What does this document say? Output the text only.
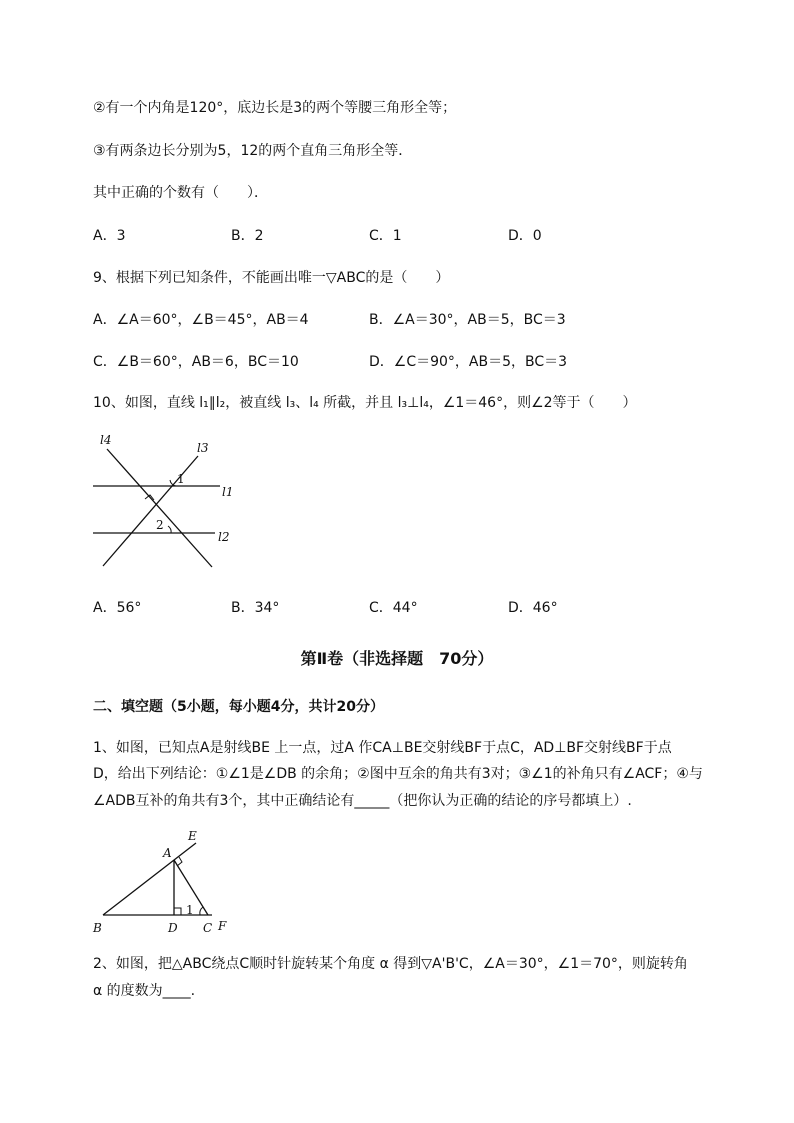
②有一个内角是120°，底边长是3的两个等腰三角形全等；
③有两条边长分别为5，12的两个直角三角形全等．
其中正确的个数有（　　）．
A．3	B．2	C．1	D．0
9、根据下列已知条件，不能画出唯一▽ABC的是（　　）
A．∠A＝60°，∠B＝45°，AB＝4	B．∠A＝30°，AB＝5，BC＝3
C．∠B＝60°，AB＝6，BC＝10	D．∠C＝90°，AB＝5，BC＝3
10、如图，直线 l₁∥l₂，被直线 l₃、l₄ 所截，并且 l₃⊥l₄，∠1＝46°，则∠2等于（　　）
l4
l3
l1
l2
1
2
E
A
B	D C F
1
A．56°	B．34°	C．44°	D．46°
第Ⅱ卷（非选择题　70分）
二、填空题（5小题，每小题4分，共计20分）
1、如图，已知点A是射线BE 上一点，过A 作CA⊥BE交射线BF于点C，AD⊥BF交射线BF于点
D，给出下列结论：①∠1是∠DB 的余角；②图中互余的角共有3对；③∠1的补角只有∠ACF；④与
∠ADB互补的角共有3个，其中正确结论有_____（把你认为正确的结论的序号都填上）.
2、如图，把△ABC绕点C顺时针旋转某个角度 α 得到▽A'B'C，∠A＝30°，∠1＝70°，则旋转角
α 的度数为____.
